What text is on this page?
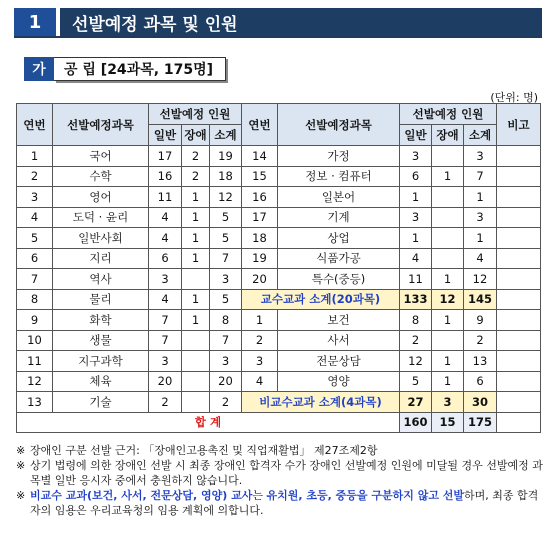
1	선발예정 과목 및 인원
가	공 립 [24과목, 175명]
(단위: 명)
연번	선발예정과목	선발예정 인원			연번	선발예정과목	선발예정 인원			비고
		일반	장애	소계			일반	장애	소계	
1	국어	17	2	19	14	가정	3		3	
2	수학	16	2	18	15	정보 · 컴퓨터	6	1	7	
3	영어	11	1	12	16	일본어	1		1	
4	도덕 · 윤리	4	1	5	17	기계	3		3	
5	일반사회	4	1	5	18	상업	1		1	
6	지리	6	1	7	19	식품가공	4		4	
7	역사	3		3	20	특수(중등)	11	1	12	
8	물리	4	1	5	교수교과 소계(20과목)		133	12	145	
9	화학	7	1	8	1	보건	8	1	9	
10	생물	7		7	2	사서	2		2	
11	지구과학	3		3	3	전문상담	12	1	13	
12	체육	20		20	4	영양	5	1	6	
13	기술	2		2	비교수교과 소계(4과목)		27	3	30	
합 계							160	15	175	
※ 장애인 구분 선발 근거: 「장애인고용촉진 및 직업재활법」 제27조제2항
※ 상기 법령에 의한 장애인 선발 시 최종 장애인 합격자 수가 장애인 선발예정 인원에 미달될 경우 선발예정 과목별 일반 응시자 중에서 충원하지 않습니다.
※ 비교수 교과(보건, 사서, 전문상담, 영양) 교사는 유치원, 초등, 중등을 구분하지 않고 선발하며, 최종 합격자의 임용은 우리교육청의 임용 계획에 의합니다.
